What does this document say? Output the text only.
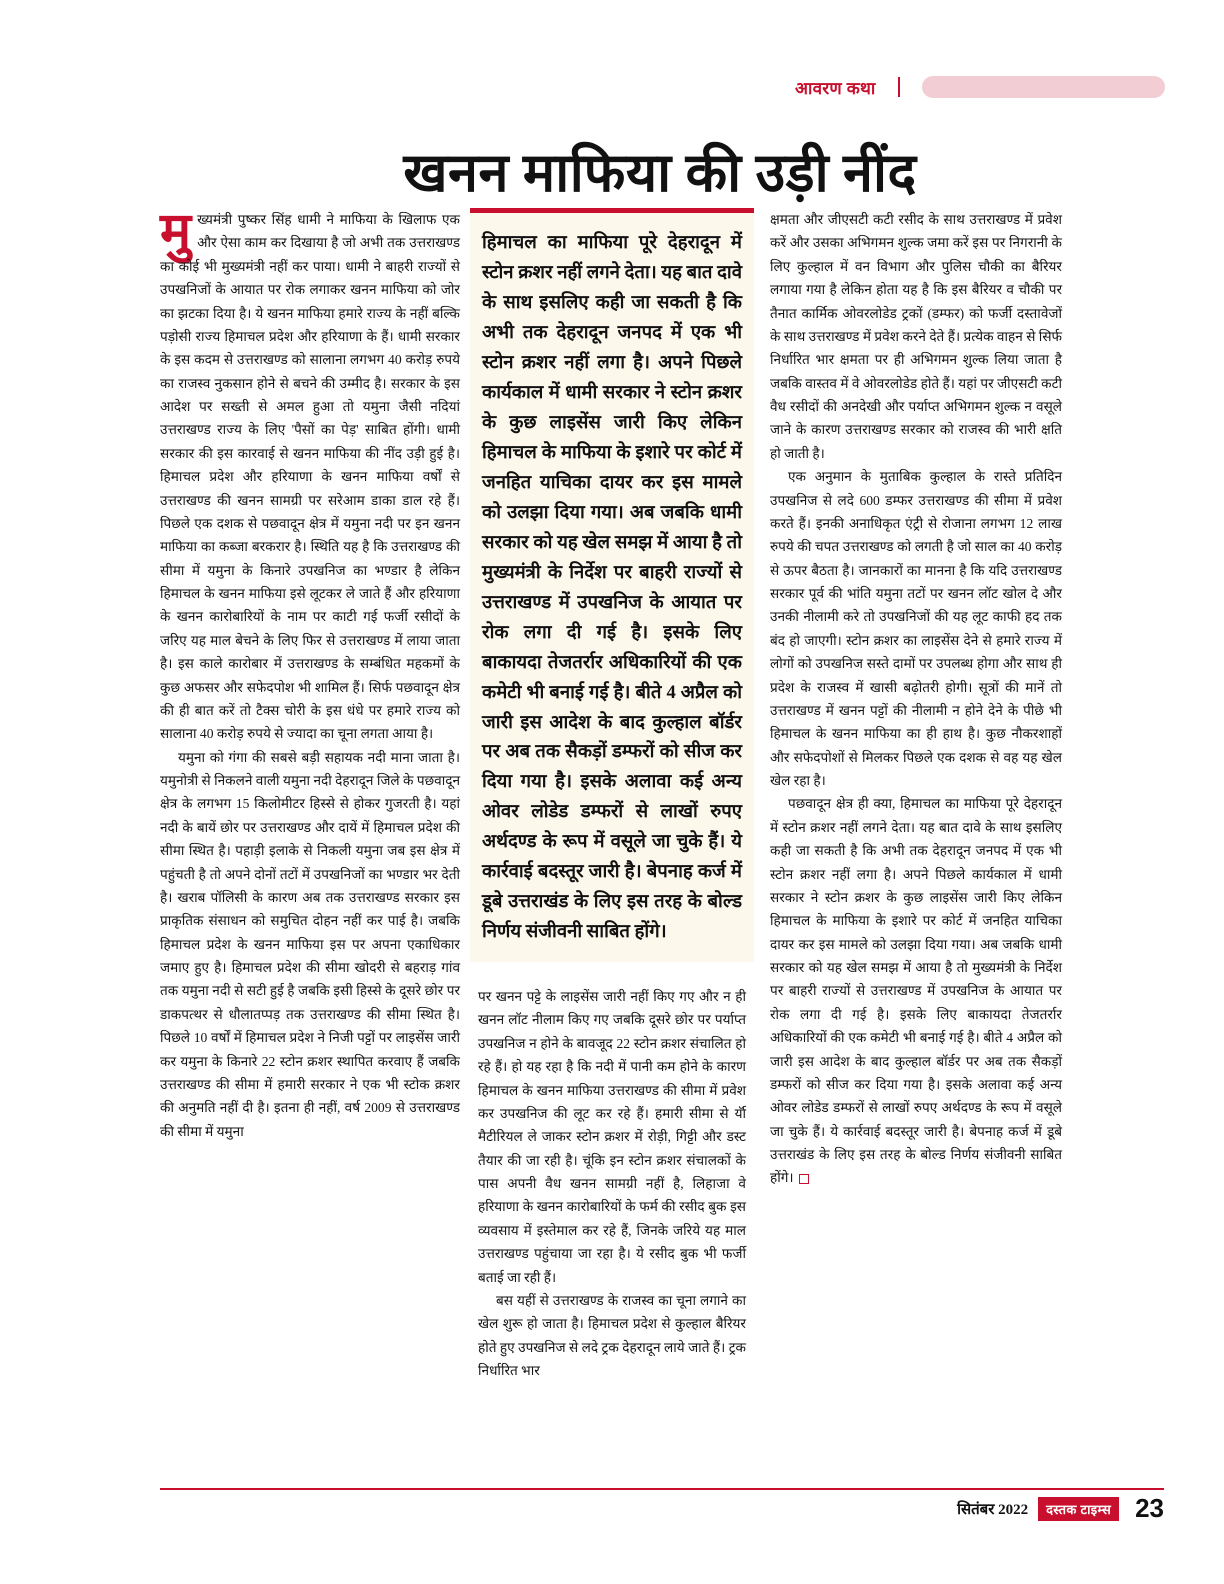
आवरण कथा
खनन माफिया की उड़ी नींद

मुख्यमंत्री पुष्कर सिंह धामी ने माफिया के खिलाफ एक और ऐसा काम कर दिखाया है जो अभी तक उत्तराखण्ड का कोई भी मुख्यमंत्री नहीं कर पाया। धामी ने बाहरी राज्यों से उपखनिजों के आयात पर रोक लगाकर खनन माफिया को जोर का झटका दिया है। ये खनन माफिया हमारे राज्य के नहीं बल्कि पड़ोसी राज्य हिमाचल प्रदेश और हरियाणा के हैं। धामी सरकार के इस कदम से उत्तराखण्ड को सालाना लगभग 40 करोड़ रुपये का राजस्व नुकसान होने से बचने की उम्मीद है। सरकार के इस आदेश पर सख्ती से अमल हुआ तो यमुना जैसी नदियां उत्तराखण्ड राज्य के लिए 'पैसों का पेड़' साबित होंगी। धामी सरकार की इस कारवाई से खनन माफिया की नींद उड़ी हुई है। हिमाचल प्रदेश और हरियाणा के खनन माफिया वर्षों से उत्तराखण्ड की खनन सामग्री पर सरेआम डाका डाल रहे हैं। पिछले एक दशक से पछवादून क्षेत्र में यमुना नदी पर इन खनन माफिया का कब्जा बरकरार है। स्थिति यह है कि उत्तराखण्ड की सीमा में यमुना के किनारे उपखनिज का भण्डार है लेकिन हिमाचल के खनन माफिया इसे लूटकर ले जाते हैं और हरियाणा के खनन कारोबारियों के नाम पर काटी गई फर्जी रसीदों के जरिए यह माल बेचने के लिए फिर से उत्तराखण्ड में लाया जाता है। इस काले कारोबार में उत्तराखण्ड के सम्बंधित महकमों के कुछ अफसर और सफेदपोश भी शामिल हैं। सिर्फ पछवादून क्षेत्र की ही बात करें तो टैक्स चोरी के इस धंधे पर हमारे राज्य को सालाना 40 करोड़ रुपये से ज्यादा का चूना लगता आया है।

यमुना को गंगा की सबसे बड़ी सहायक नदी माना जाता है। यमुनोत्री से निकलने वाली यमुना नदी देहरादून जिले के पछवादून क्षेत्र के लगभग 15 किलोमीटर हिस्से से होकर गुजरती है। यहां नदी के बायें छोर पर उत्तराखण्ड और दायें में हिमाचल प्रदेश की सीमा स्थित है। पहाड़ी इलाके से निकली यमुना जब इस क्षेत्र में पहुंचती है तो अपने दोनों तटों में उपखनिजों का भण्डार भर देती है। खराब पॉलिसी के कारण अब तक उत्तराखण्ड सरकार इस प्राकृतिक संसाधन को समुचित दोहन नहीं कर पाई है। जबकि हिमाचल प्रदेश के खनन माफिया इस पर अपना एकाधिकार जमाए हुए है। हिमाचल प्रदेश की सीमा खोदरी से बहराड़ गांव तक यमुना नदी से सटी हुई है जबकि इसी हिस्से के दूसरे छोर पर डाकपत्थर से धौलातप्पड़ तक उत्तराखण्ड की सीमा स्थित है। पिछले 10 वर्षों में हिमाचल प्रदेश ने निजी पट्टों पर लाइसेंस जारी कर यमुना के किनारे 22 स्टोन क्रशर स्थापित करवाए हैं जबकि उत्तराखण्ड की सीमा में हमारी सरकार ने एक भी स्टोक क्रशर की अनुमति नहीं दी है। इतना ही नहीं, वर्ष 2009 से उत्तराखण्ड की सीमा में यमुना

हिमाचल का माफिया पूरे देहरादून में स्टोन क्रशर नहीं लगने देता। यह बात दावे के साथ इसलिए कही जा सकती है कि अभी तक देहरादून जनपद में एक भी स्टोन क्रशर नहीं लगा है। अपने पिछले कार्यकाल में धामी सरकार ने स्टोन क्रशर के कुछ लाइसेंस जारी किए लेकिन हिमाचल के माफिया के इशारे पर कोर्ट में जनहित याचिका दायर कर इस मामले को उलझा दिया गया। अब जबकि धामी सरकार को यह खेल समझ में आया है तो मुख्यमंत्री के निर्देश पर बाहरी राज्यों से उत्तराखण्ड में उपखनिज के आयात पर रोक लगा दी गई है। इसके लिए बाकायदा तेजतर्रार अधिकारियों की एक कमेटी भी बनाई गई है। बीते 4 अप्रैल को जारी इस आदेश के बाद कुल्हाल बॉर्डर पर अब तक सैकड़ों डम्फरों को सीज कर दिया गया है। इसके अलावा कई अन्य ओवर लोडेड डम्फरों से लाखों रुपए अर्थदण्ड के रूप में वसूले जा चुके हैं। ये कार्रवाई बदस्तूर जारी है। बेपनाह कर्ज में डूबे उत्तराखंड के लिए इस तरह के बोल्ड निर्णय संजीवनी साबित होंगे।

पर खनन पट्टे के लाइसेंस जारी नहीं किए गए और न ही खनन लॉट नीलाम किए गए जबकि दूसरे छोर पर पर्याप्त उपखनिज न होने के बावजूद 22 स्टोन क्रशर संचालित हो रहे हैं। हो यह रहा है कि नदी में पानी कम होने के कारण हिमाचल के खनन माफिया उत्तराखण्ड की सीमा में प्रवेश कर उपखनिज की लूट कर रहे हैं। हमारी सीमा से र्यॉ मैटीरियल ले जाकर स्टोन क्रशर में रोड़ी, गिट्टी और डस्ट तैयार की जा रही है। चूंकि इन स्टोन क्रशर संचालकों के पास अपनी वैध खनन सामग्री नहीं है, लिहाजा वे हरियाणा के खनन कारोबारियों के फर्म की रसीद बुक इस व्यवसाय में इस्तेमाल कर रहे हैं, जिनके जरिये यह माल उत्तराखण्ड पहुंचाया जा रहा है। ये रसीद बुक भी फर्जी बताई जा रही हैं।

बस यहीं से उत्तराखण्ड के राजस्व का चूना लगाने का खेल शुरू हो जाता है। हिमाचल प्रदेश से कुल्हाल बैरियर होते हुए उपखनिज से लदे ट्रक देहरादून लाये जाते हैं। ट्रक निर्धारित भार

क्षमता और जीएसटी कटी रसीद के साथ उत्तराखण्ड में प्रवेश करें और उसका अभिगमन शुल्क जमा करें इस पर निगरानी के लिए कुल्हाल में वन विभाग और पुलिस चौकी का बैरियर लगाया गया है लेकिन होता यह है कि इस बैरियर व चौकी पर तैनात कार्मिक ओवरलोडेड ट्रकों (डम्फर) को फर्जी दस्तावेजों के साथ उत्तराखण्ड में प्रवेश करने देते हैं। प्रत्येक वाहन से सिर्फ निर्धारित भार क्षमता पर ही अभिगमन शुल्क लिया जाता है जबकि वास्तव में वे ओवरलोडेड होते हैं। यहां पर जीएसटी कटी वैध रसीदों की अनदेखी और पर्याप्त अभिगमन शुल्क न वसूले जाने के कारण उत्तराखण्ड सरकार को राजस्व की भारी क्षति हो जाती है।

एक अनुमान के मुताबिक कुल्हाल के रास्ते प्रतिदिन उपखनिज से लदे 600 डम्फर उत्तराखण्ड की सीमा में प्रवेश करते हैं। इनकी अनाधिकृत एंट्री से रोजाना लगभग 12 लाख रुपये की चपत उत्तराखण्ड को लगती है जो साल का 40 करोड़ से ऊपर बैठता है। जानकारों का मानना है कि यदि उत्तराखण्ड सरकार पूर्व की भांति यमुना तटों पर खनन लॉट खोल दे और उनकी नीलामी करे तो उपखनिजों की यह लूट काफी हद तक बंद हो जाएगी। स्टोन क्रशर का लाइसेंस देने से हमारे राज्य में लोगों को उपखनिज सस्ते दामों पर उपलब्ध होगा और साथ ही प्रदेश के राजस्व में खासी बढ़ोतरी होगी। सूत्रों की मानें तो उत्तराखण्ड में खनन पट्टों की नीलामी न होने देने के पीछे भी हिमाचल के खनन माफिया का ही हाथ है। कुछ नौकरशाहों और सफेदपोशों से मिलकर पिछले एक दशक से वह यह खेल खेल रहा है।

पछवादून क्षेत्र ही क्या, हिमाचल का माफिया पूरे देहरादून में स्टोन क्रशर नहीं लगने देता। यह बात दावे के साथ इसलिए कही जा सकती है कि अभी तक देहरादून जनपद में एक भी स्टोन क्रशर नहीं लगा है। अपने पिछले कार्यकाल में धामी सरकार ने स्टोन क्रशर के कुछ लाइसेंस जारी किए लेकिन हिमाचल के माफिया के इशारे पर कोर्ट में जनहित याचिका दायर कर इस मामले को उलझा दिया गया। अब जबकि धामी सरकार को यह खेल समझ में आया है तो मुख्यमंत्री के निर्देश पर बाहरी राज्यों से उत्तराखण्ड में उपखनिज के आयात पर रोक लगा दी गई है। इसके लिए बाकायदा तेजतर्रार अधिकारियों की एक कमेटी भी बनाई गई है। बीते 4 अप्रैल को जारी इस आदेश के बाद कुल्हाल बॉर्डर पर अब तक सैकड़ों डम्फरों को सीज कर दिया गया है। इसके अलावा कई अन्य ओवर लोडेड डम्फरों से लाखों रुपए अर्थदण्ड के रूप में वसूले जा चुके हैं। ये कार्रवाई बदस्तूर जारी है। बेपनाह कर्ज में डूबे उत्तराखंड के लिए इस तरह के बोल्ड निर्णय संजीवनी साबित होंगे।

सितंबर 2022	दस्तक टाइम्स 23
